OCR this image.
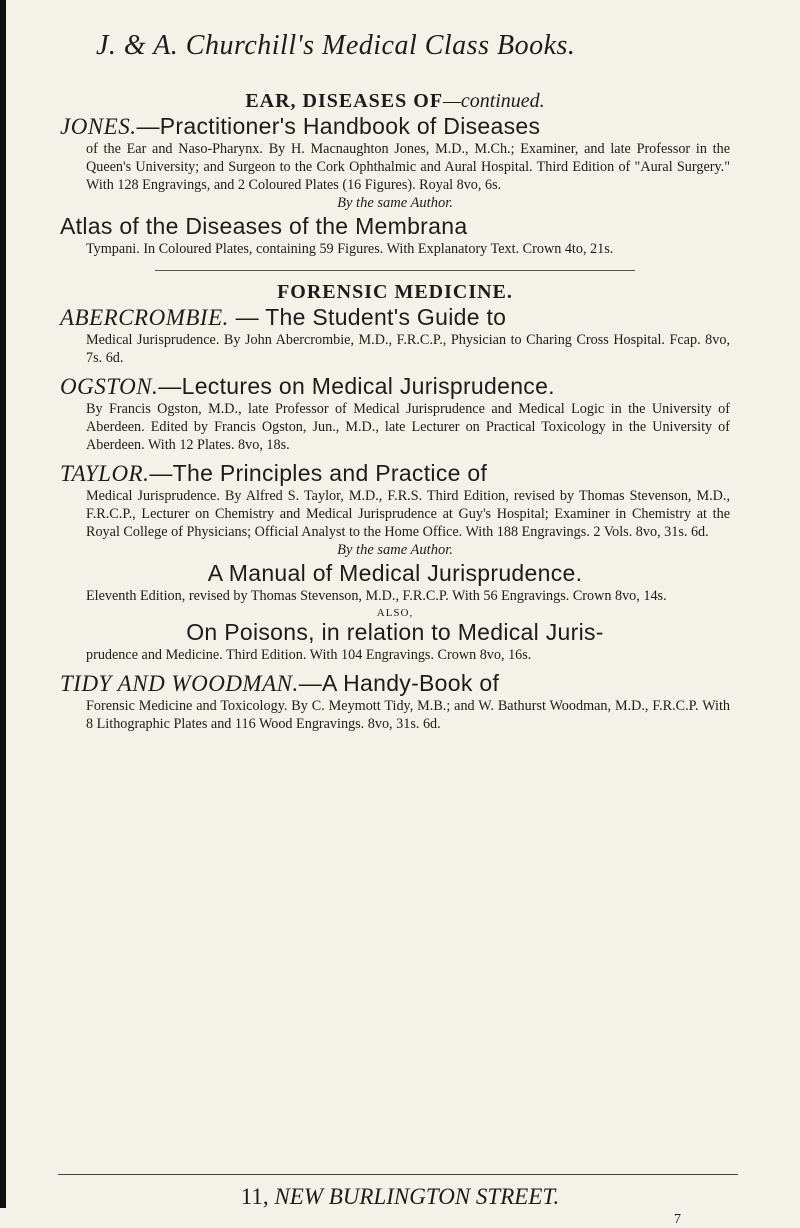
J. & A. Churchill's Medical Class Books.

EAR, DISEASES OF—continued.

JONES.—Practitioner's Handbook of Diseases

of the Ear and Naso-Pharynx. By H. Macnaughton Jones, M.D., M.Ch.; Examiner, and late Professor in the Queen's University; and Surgeon to the Cork Ophthalmic and Aural Hospital. Third Edition of "Aural Surgery." With 128 Engravings, and 2 Coloured Plates (16 Figures). Royal 8vo, 6s.

By the same Author.

Atlas of the Diseases of the Membrana

Tympani. In Coloured Plates, containing 59 Figures. With Explanatory Text. Crown 4to, 21s.

FORENSIC MEDICINE.

ABERCROMBIE. — The Student's Guide to

Medical Jurisprudence. By John Abercrombie, M.D., F.R.C.P., Physician to Charing Cross Hospital. Fcap. 8vo, 7s. 6d.

OGSTON.—Lectures on Medical Jurisprudence.

By Francis Ogston, M.D., late Professor of Medical Jurisprudence and Medical Logic in the University of Aberdeen. Edited by Francis Ogston, Jun., M.D., late Lecturer on Practical Toxicology in the University of Aberdeen. With 12 Plates. 8vo, 18s.

TAYLOR.—The Principles and Practice of

Medical Jurisprudence. By Alfred S. Taylor, M.D., F.R.S. Third Edition, revised by Thomas Stevenson, M.D., F.R.C.P., Lecturer on Chemistry and Medical Jurisprudence at Guy's Hospital; Examiner in Chemistry at the Royal College of Physicians; Official Analyst to the Home Office. With 188 Engravings. 2 Vols. 8vo, 31s. 6d.

By the same Author.

A Manual of Medical Jurisprudence.

Eleventh Edition, revised by Thomas Stevenson, M.D., F.R.C.P. With 56 Engravings. Crown 8vo, 14s.

ALSO,

On Poisons, in relation to Medical Juris-

prudence and Medicine. Third Edition. With 104 Engravings. Crown 8vo, 16s.

TIDY AND WOODMAN.—A Handy-Book of

Forensic Medicine and Toxicology. By C. Meymott Tidy, M.B.; and W. Bathurst Woodman, M.D., F.R.C.P. With 8 Lithographic Plates and 116 Wood Engravings. 8vo, 31s. 6d.

11, NEW BURLINGTON STREET.
7
